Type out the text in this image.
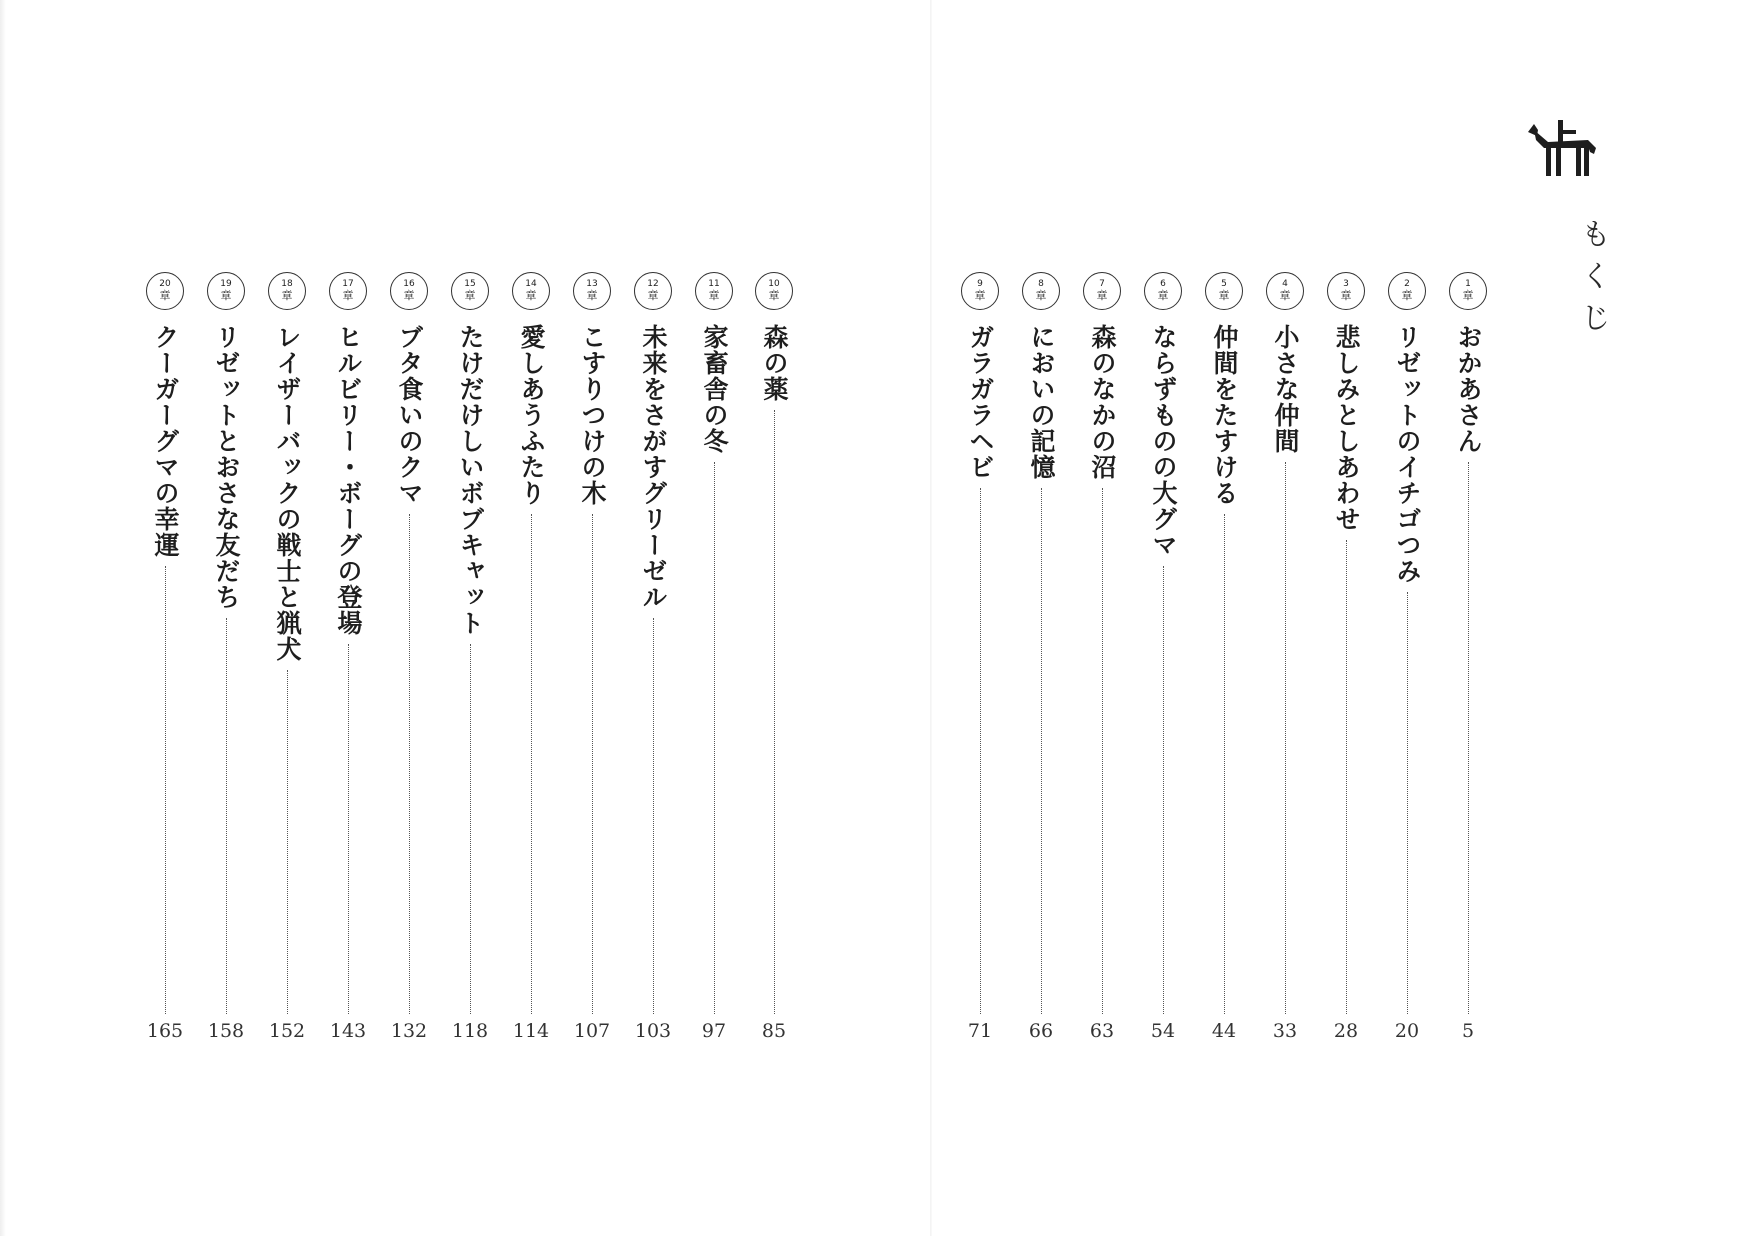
もくじ
1
章
おかあさん
5
2
章
リゼットのイチゴつみ
20
3
章
悲しみとしあわせ
28
4
章
小さな仲間
33
5
章
仲間をたすける
44
6
章
ならずものの大グマ
54
7
章
森のなかの沼
63
8
章
においの記憶
66
9
章
ガラガラヘビ
71
10
章
森の薬
85
11
章
家畜舎の冬
97
12
章
未来をさがすグリーゼル
103
13
章
こすりつけの木
107
14
章
愛しあうふたり
114
15
章
たけだけしいボブキャット
118
16
章
ブタ食いのクマ
132
17
章
ヒルビリー・ボーグの登場
143
18
章
レイザーバックの戦士と猟犬
152
19
章
リゼットとおさな友だち
158
20
章
クーガーグマの幸運
165
